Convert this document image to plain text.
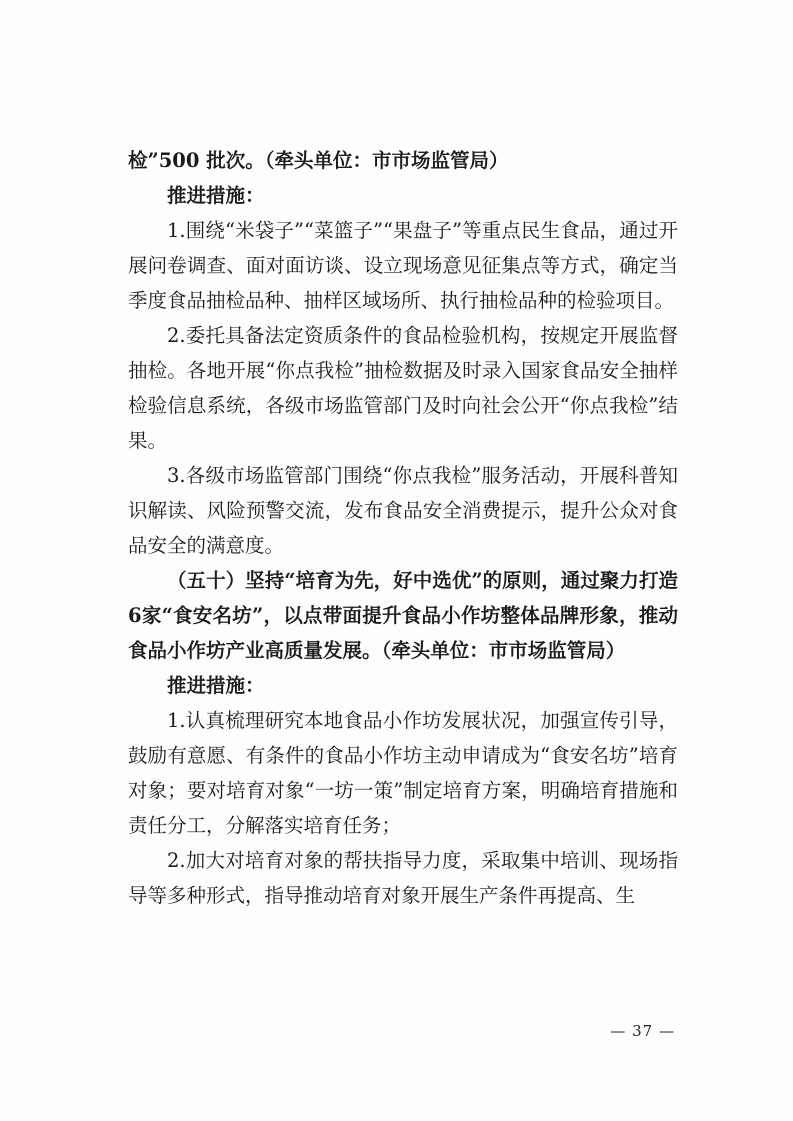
检”500 批次。（牵头单位：市市场监管局）

推进措施：

1.围绕“米袋子”“菜篮子”“果盘子”等重点民生食品，通过开展问卷调查、面对面访谈、设立现场意见征集点等方式，确定当季度食品抽检品种、抽样区域场所、执行抽检品种的检验项目。

2.委托具备法定资质条件的食品检验机构，按规定开展监督抽检。各地开展“你点我检”抽检数据及时录入国家食品安全抽样检验信息系统，各级市场监管部门及时向社会公开“你点我检”结果。

3.各级市场监管部门围绕“你点我检”服务活动，开展科普知识解读、风险预警交流，发布食品安全消费提示，提升公众对食品安全的满意度。

（五十）坚持“培育为先，好中选优”的原则，通过聚力打造6家“食安名坊”，以点带面提升食品小作坊整体品牌形象，推动食品小作坊产业高质量发展。（牵头单位：市市场监管局）

推进措施：

1.认真梳理研究本地食品小作坊发展状况，加强宣传引导，鼓励有意愿、有条件的食品小作坊主动申请成为“食安名坊”培育对象；要对培育对象“一坊一策”制定培育方案，明确培育措施和责任分工，分解落实培育任务；

2.加大对培育对象的帮扶指导力度，采取集中培训、现场指导等多种形式，指导推动培育对象开展生产条件再提高、生

— 37 —
